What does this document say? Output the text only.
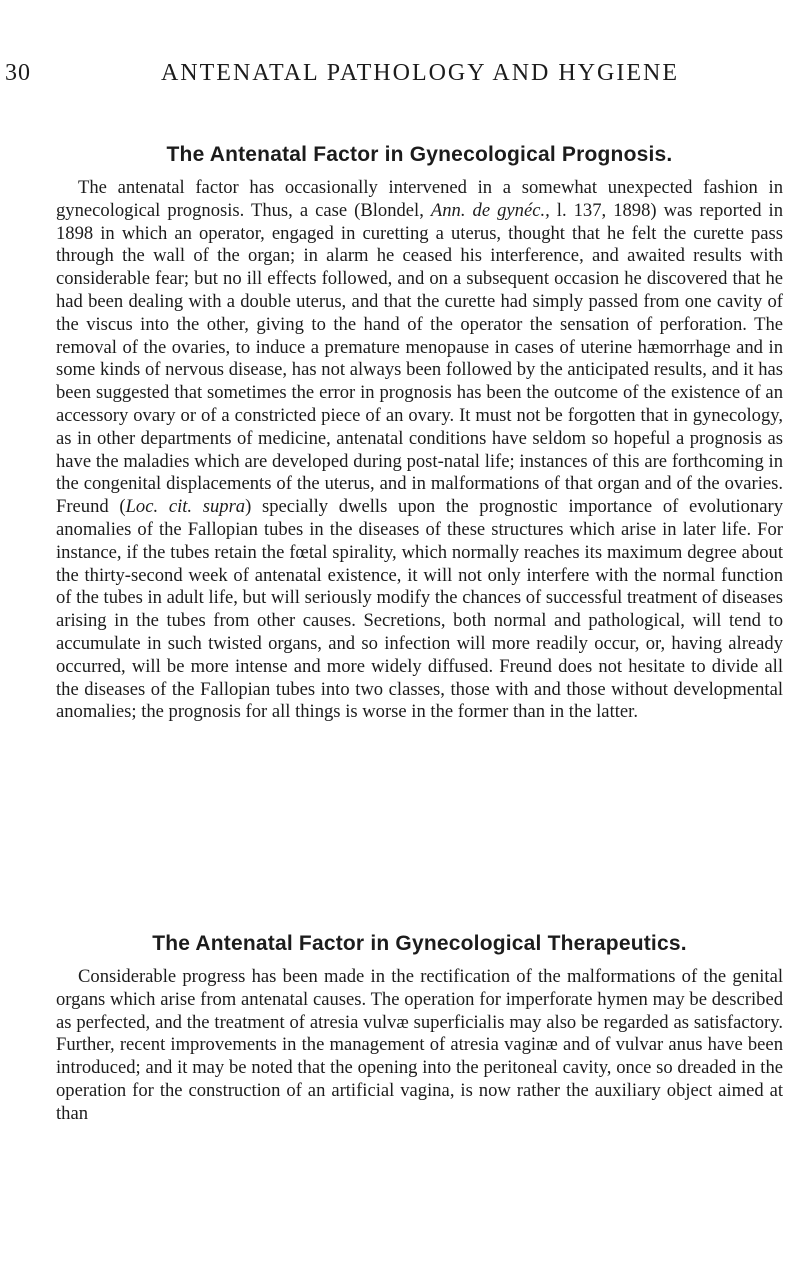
30	ANTENATAL PATHOLOGY AND HYGIENE
The Antenatal Factor in Gynecological Prognosis.

The antenatal factor has occasionally intervened in a somewhat unexpected fashion in gynecological prognosis. Thus, a case (Blondel, Ann. de gynéc., l. 137, 1898) was reported in 1898 in which an operator, engaged in curetting a uterus, thought that he felt the curette pass through the wall of the organ; in alarm he ceased his interference, and awaited results with considerable fear; but no ill effects followed, and on a subsequent occasion he discovered that he had been dealing with a double uterus, and that the curette had simply passed from one cavity of the viscus into the other, giving to the hand of the operator the sensation of perforation. The removal of the ovaries, to induce a premature menopause in cases of uterine hæmorrhage and in some kinds of nervous disease, has not always been followed by the anticipated results, and it has been suggested that sometimes the error in prognosis has been the outcome of the existence of an accessory ovary or of a constricted piece of an ovary. It must not be forgotten that in gynecology, as in other departments of medicine, antenatal conditions have seldom so hopeful a prognosis as have the maladies which are developed during post-natal life; instances of this are forthcoming in the congenital displacements of the uterus, and in malformations of that organ and of the ovaries. Freund (Loc. cit. supra) specially dwells upon the prognostic importance of evolutionary anomalies of the Fallopian tubes in the diseases of these structures which arise in later life. For instance, if the tubes retain the fœtal spirality, which normally reaches its maximum degree about the thirty-second week of antenatal existence, it will not only interfere with the normal function of the tubes in adult life, but will seriously modify the chances of successful treatment of diseases arising in the tubes from other causes. Secretions, both normal and pathological, will tend to accumulate in such twisted organs, and so infection will more readily occur, or, having already occurred, will be more intense and more widely diffused. Freund does not hesitate to divide all the diseases of the Fallopian tubes into two classes, those with and those without developmental anomalies; the prognosis for all things is worse in the former than in the latter.

The Antenatal Factor in Gynecological Therapeutics.

Considerable progress has been made in the rectification of the malformations of the genital organs which arise from antenatal causes. The operation for imperforate hymen may be described as perfected, and the treatment of atresia vulvæ superficialis may also be regarded as satisfactory. Further, recent improvements in the management of atresia vaginæ and of vulvar anus have been introduced; and it may be noted that the opening into the peritoneal cavity, once so dreaded in the operation for the construction of an artificial vagina, is now rather the auxiliary object aimed at than
